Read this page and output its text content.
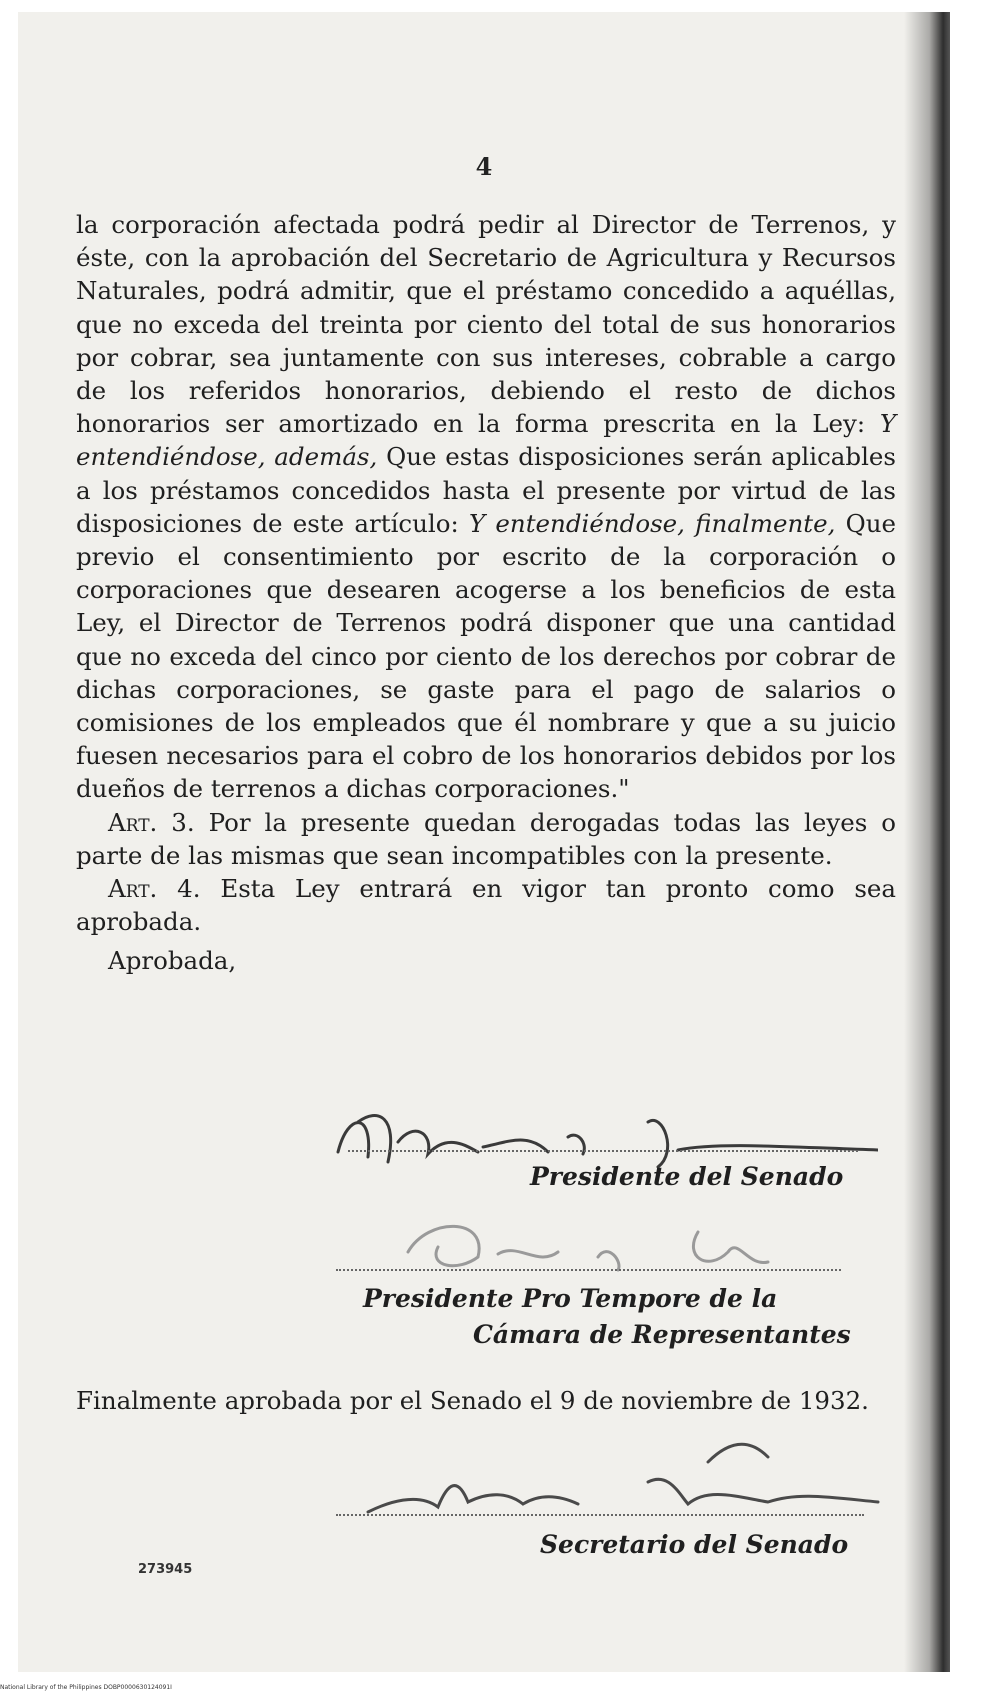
4

la corporación afectada podrá pedir al Director de Terrenos, y éste, con la aprobación del Secretario de Agricultura y Recursos Naturales, podrá admitir, que el préstamo concedido a aquéllas, que no exceda del treinta por ciento del total de sus honorarios por cobrar, sea juntamente con sus intereses, cobrable a cargo de los referidos honorarios, debiendo el resto de dichos honorarios ser amortizado en la forma prescrita en la Ley: Y entendiéndose, además, Que estas disposiciones serán aplicables a los préstamos concedidos hasta el presente por virtud de las disposiciones de este artículo: Y entendiéndose, finalmente, Que previo el consentimiento por escrito de la corporación o corporaciones que desearen acogerse a los beneficios de esta Ley, el Director de Terrenos podrá disponer que una cantidad que no exceda del cinco por ciento de los derechos por cobrar de dichas corporaciones, se gaste para el pago de salarios o comisiones de los empleados que él nombrare y que a su juicio fuesen necesarios para el cobro de los honorarios debidos por los dueños de terrenos a dichas corporaciones."

Art. 3. Por la presente quedan derogadas todas las leyes o parte de las mismas que sean incompatibles con la presente.

Art. 4. Esta Ley entrará en vigor tan pronto como sea aprobada.

Aprobada,

Presidente del Senado
Presidente Pro Tempore de la
Cámara de Representantes
Finalmente aprobada por el Senado el 9 de noviembre de 1932.
Secretario del Senado
273945
National Library of the Philippines DOBP0000630124091I
